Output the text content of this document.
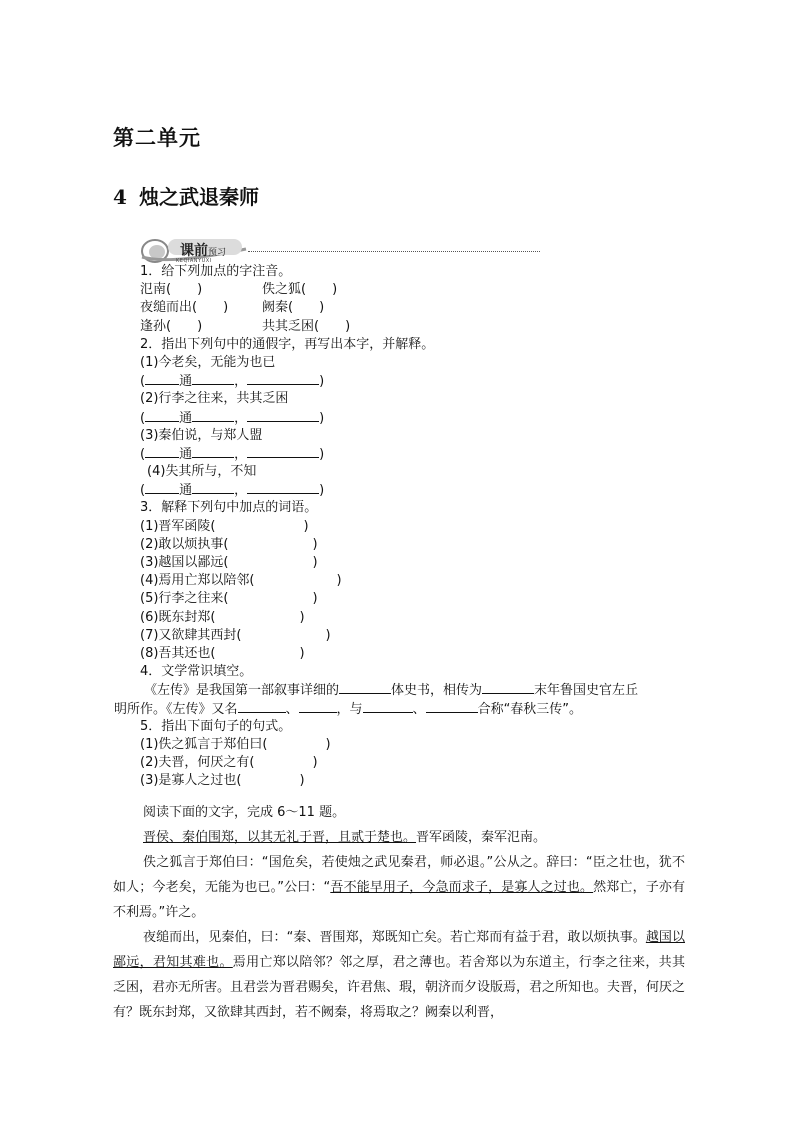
第二单元
4 烛之武退秦师
课前预习
KEQIANYUXI
1．给下列加点的字注音。
氾南(　　)	佚之狐(　　)
夜缒而出(　　)	阙秦(　　)
逢孙(　　)	共其乏困(　　)
2．指出下列句中的通假字，再写出本字，并解释。
(1)今老矣，无能为也已
(	通	，	)
(2)行李之往来，共其乏困
(	通	，	)
(3)秦伯说，与郑人盟
(	通	，	)
(4)失其所与，不知
(	通	，	)
3．解释下列句中加点的词语。
(1)晋军函陵(	)
(2)敢以烦执事(	)
(3)越国以鄙远(	)
(4)焉用亡郑以陪邻(	)
(5)行李之往来(	)
(6)既东封郑(	)
(7)又欲肆其西封(	)
(8)吾其还也(	)
4．文学常识填空。
《左传》是我国第一部叙事详细的	体史书，相传为	末年鲁国史官左丘
明所作。《左传》又名	、	，与	、	合称“春秋三传”。
5．指出下面句子的句式。
(1)佚之狐言于郑伯曰(	)
(2)夫晋，何厌之有(	)
(3)是寡人之过也(	)

阅读下面的文字，完成 6～11 题。

晋侯、秦伯围郑，以其无礼于晋，且贰于楚也。晋军函陵，秦军氾南。

佚之狐言于郑伯曰：“国危矣，若使烛之武见秦君，师必退。”公从之。辞曰：“臣之壮也，犹不如人；今老矣，无能为也已。”公曰：“吾不能早用子，今急而求子，是寡人之过也。然郑亡，子亦有不利焉。”许之。

夜缒而出，见秦伯，曰：“秦、晋围郑，郑既知亡矣。若亡郑而有益于君，敢以烦执事。越国以鄙远，君知其难也。焉用亡郑以陪邻？邻之厚，君之薄也。若舍郑以为东道主，行李之往来，共其乏困，君亦无所害。且君尝为晋君赐矣，许君焦、瑕，朝济而夕设版焉，君之所知也。夫晋，何厌之有？既东封郑，又欲肆其西封，若不阙秦，将焉取之？阙秦以利晋，
